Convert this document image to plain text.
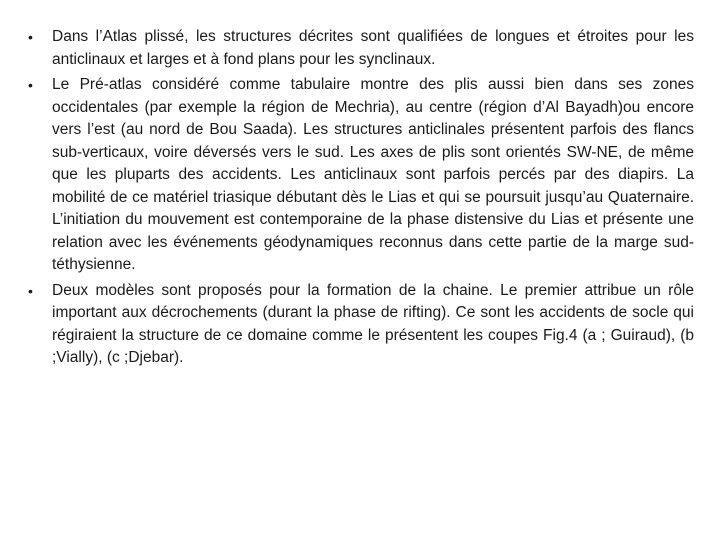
• Dans l’Atlas plissé, les structures décrites sont qualifiées de longues et étroites pour les anticlinaux et larges et à fond plans pour les synclinaux.
• Le Pré-atlas considéré comme tabulaire montre des plis aussi bien dans ses zones occidentales (par exemple la région de Mechria), au centre (région d’Al Bayadh)ou encore vers l’est (au nord de Bou Saada). Les structures anticlinales présentent parfois des flancs sub-verticaux, voire déversés vers le sud. Les axes de plis sont orientés SW-NE, de même que les pluparts des accidents. Les anticlinaux sont parfois percés par des diapirs. La mobilité de ce matériel triasique débutant dès le Lias et qui se poursuit jusqu’au Quaternaire. L’initiation du mouvement est contemporaine de la phase distensive du Lias et présente une relation avec les événements géodynamiques reconnus dans cette partie de la marge sud-téthysienne.
• Deux modèles sont proposés pour la formation de la chaine. Le premier attribue un rôle important aux décrochements (durant la phase de rifting). Ce sont les accidents de socle qui régiraient la structure de ce domaine comme le présentent les coupes Fig.4 (a ; Guiraud), (b ;Vially), (c ;Djebar).
